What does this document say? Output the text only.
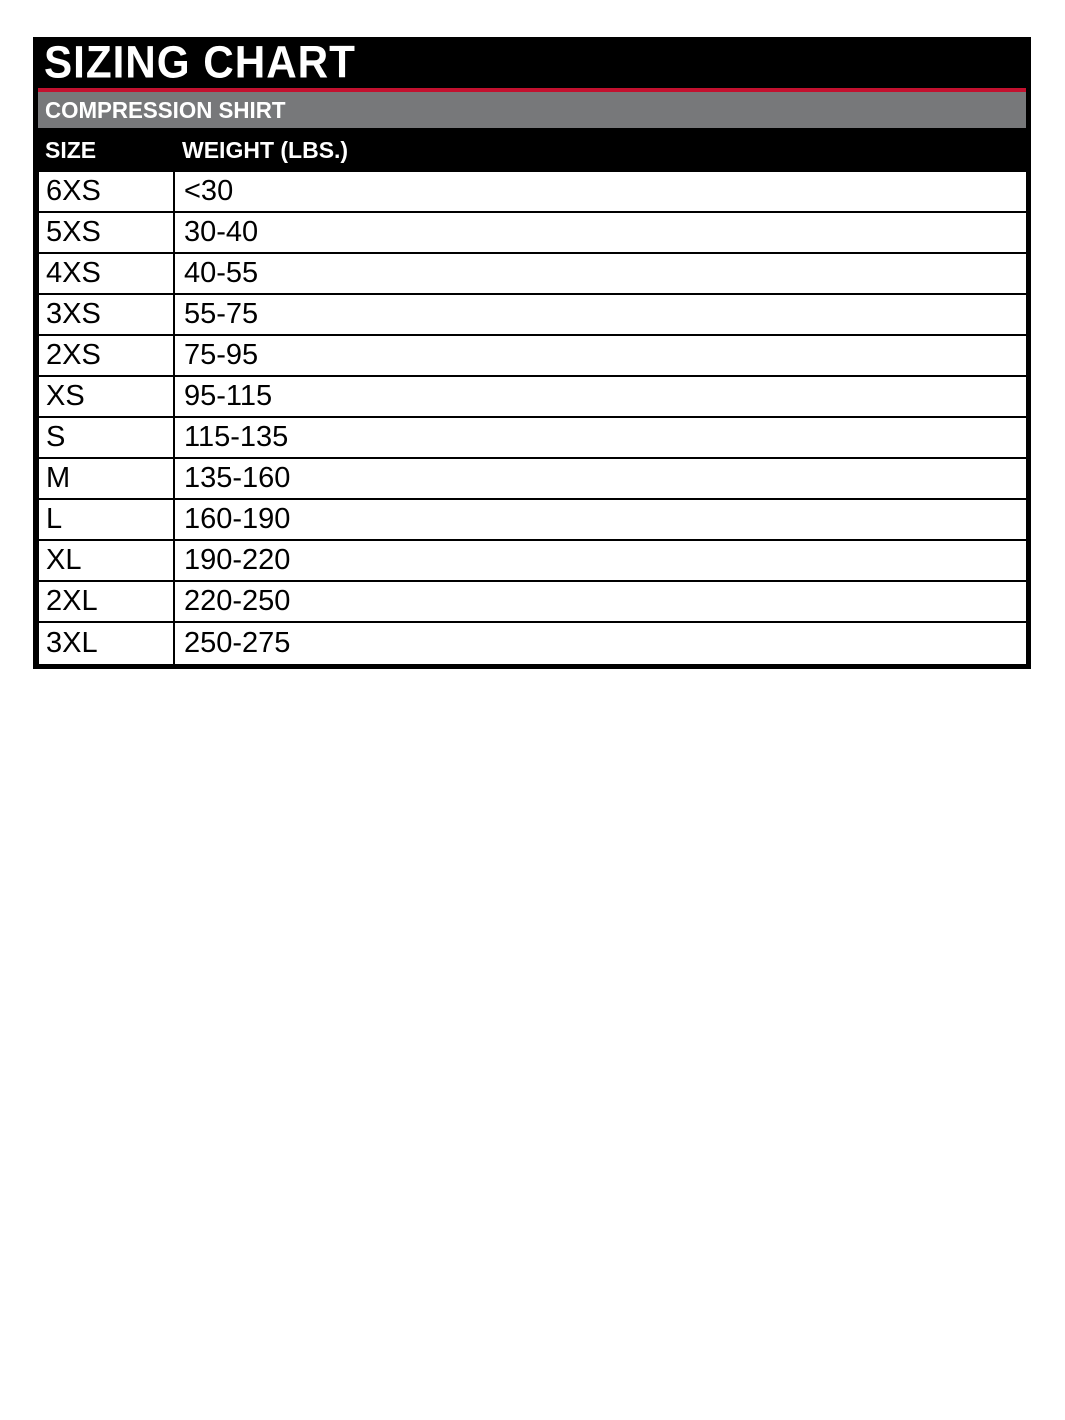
SIZING CHART
COMPRESSION SHIRT
SIZE	WEIGHT (LBS.)
6XS	<30
5XS	30-40
4XS	40-55
3XS	55-75
2XS	75-95
XS	95-115
S	115-135
M	135-160
L	160-190
XL	190-220
2XL	220-250
3XL	250-275
